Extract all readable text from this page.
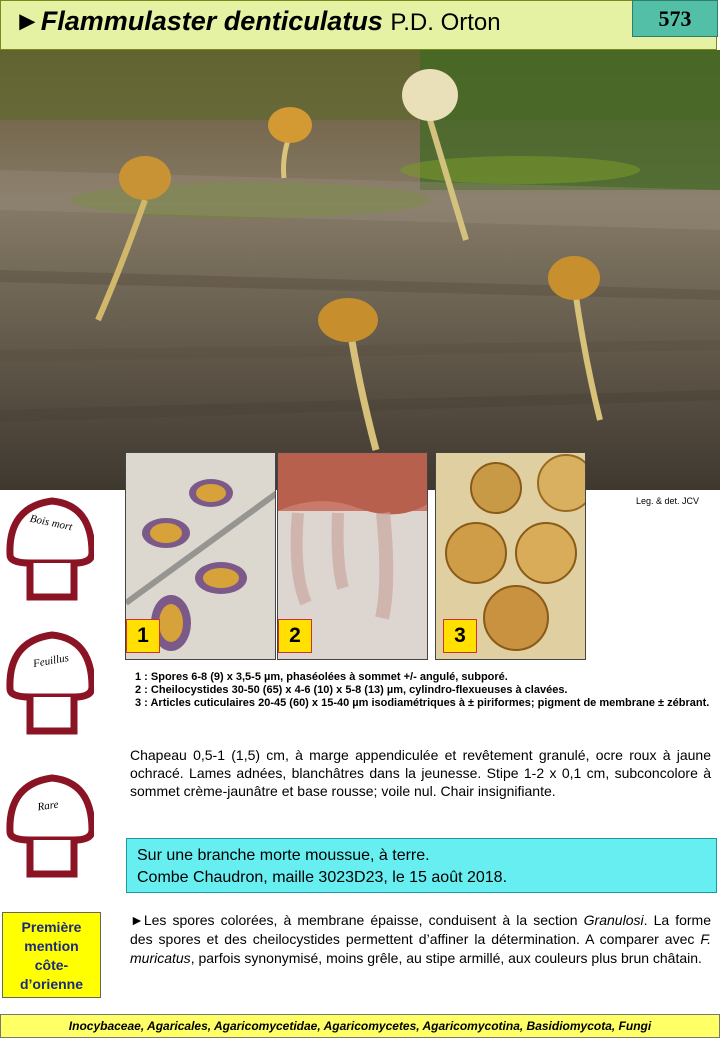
►Flammulaster denticulatus P.D. Orton	573
1	2	3
Leg. & det. JCV
Bois mort
Feuillus
Rare

1 : Spores 6-8 (9) x 3,5-5 µm, phaséolées à sommet +/- angulé, subporé.

2 : Cheilocystides 30-50 (65) x 4-6 (10) x 5-8 (13) µm, cylindro-flexueuses à clavées.

3 : Articles cuticulaires 20-45 (60) x 15-40 µm isodiamétriques à ± piriformes; pigment de membrane ± zébrant.

Chapeau 0,5-1 (1,5) cm, à marge appendiculée et revêtement granulé, ocre roux à jaune ochracé. Lames adnées, blanchâtres dans la jeunesse. Stipe 1-2 x 0,1 cm, subconcolore à sommet crème-jaunâtre et base rousse; voile nul. Chair insignifiante.
Sur une branche morte moussue, à terre.
Combe Chaudron, maille 3023D23, le 15 août 2018.
Première
mention
côte-
d’orienne
►Les spores colorées, à membrane épaisse, conduisent à la section Granulosi. La forme des spores et des cheilocystides permettent d’affiner la détermination. A comparer avec F. muricatus, parfois synonymisé, moins grêle, au stipe armillé, aux couleurs plus brun châtain.
Inocybaceae, Agaricales, Agaricomycetidae, Agaricomycetes, Agaricomycotina, Basidiomycota, Fungi
